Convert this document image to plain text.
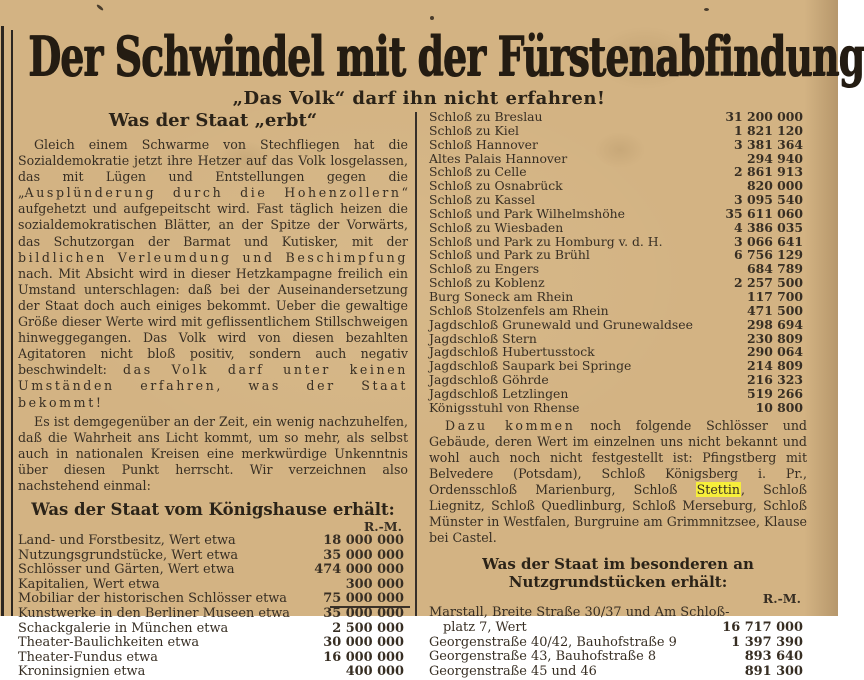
Der Schwindel mit der Fürstenabfindung
„Das Volk“ darf ihn nicht erfahren!
Was der Staat „erbt“

Gleich einem Schwarme von Stechfliegen hat die Sozialdemokratie jetzt ihre Hetzer auf das Volk losgelassen, das mit Lügen und Entstellungen gegen die „Ausplünderung durch die Hohenzollern“ aufgehetzt und aufgepeitscht wird. Fast täglich heizen die sozialdemokratischen Blätter, an der Spitze der Vorwärts, das Schutzorgan der Barmat und Kutisker, mit der bildlichen Verleumdung und Beschimpfung nach. Mit Absicht wird in dieser Hetzkampagne freilich ein Umstand unterschlagen: daß bei der Auseinandersetzung der Staat doch auch einiges bekommt. Ueber die gewaltige Größe dieser Werte wird mit geflissentlichem Stillschweigen hinweggegangen. Das Volk wird von diesen bezahlten Agitatoren nicht bloß positiv, sondern auch negativ beschwindelt: das Volk darf unter keinen Umständen erfahren, was der Staat bekommt!

Es ist demgegenüber an der Zeit, ein wenig nachzuhelfen, daß die Wahrheit ans Licht kommt, um so mehr, als selbst auch in nationalen Kreisen eine merkwürdige Unkenntnis über diesen Punkt herrscht. Wir verzeichnen also nachstehend einmal:

Was der Staat vom Königshause erhält:
R.-M.
Land- und Forstbesitz, Wert etwa	18 000 000
Nutzungsgrundstücke, Wert etwa	35 000 000
Schlösser und Gärten, Wert etwa	474 000 000
Kapitalien, Wert etwa	300 000
Mobiliar der historischen Schlösser etwa	75 000 000
Kunstwerke in den Berliner Museen etwa	35 000 000
Schackgalerie in München etwa	2 500 000
Theater-Baulichkeiten etwa	30 000 000
Theater-Fundus etwa	16 000 000
Kroninsignien etwa	400 000
Schloß zu Breslau	31 200 000
Schloß zu Kiel	1 821 120
Schloß Hannover	3 381 364
Altes Palais Hannover	294 940
Schloß zu Celle	2 861 913
Schloß zu Osnabrück	820 000
Schloß zu Kassel	3 095 540
Schloß und Park Wilhelmshöhe	35 611 060
Schloß zu Wiesbaden	4 386 035
Schloß und Park zu Homburg v. d. H.	3 066 641
Schloß und Park zu Brühl	6 756 129
Schloß zu Engers	684 789
Schloß zu Koblenz	2 257 500
Burg Soneck am Rhein	117 700
Schloß Stolzenfels am Rhein	471 500
Jagdschloß Grunewald und Grunewaldsee	298 694
Jagdschloß Stern	230 809
Jagdschloß Hubertusstock	290 064
Jagdschloß Saupark bei Springe	214 809
Jagdschloß Göhrde	216 323
Jagdschloß Letzlingen	519 266
Königsstuhl von Rhense	10 800

Dazu kommen noch folgende Schlösser und Gebäude, deren Wert im einzelnen uns nicht bekannt und wohl auch noch nicht festgestellt ist: Pfingstberg mit Belvedere (Potsdam), Schloß Königsberg i. Pr., Ordensschloß Marienburg, Schloß Stettin, Schloß Liegnitz, Schloß Quedlinburg, Schloß Merseburg, Schloß Münster in Westfalen, Burgruine am Grimmnitzsee, Klause bei Castel.

Was der Staat im besonderen an Nutzgrundstücken erhält:
R.-M.
Marstall, Breite Straße 30/37 und Am Schloß-
platz 7, Wert	16 717 000
Georgenstraße 40/42, Bauhofstraße 9	1 397 390
Georgenstraße 43, Bauhofstraße 8	893 640
Georgenstraße 45 und 46	891 300
